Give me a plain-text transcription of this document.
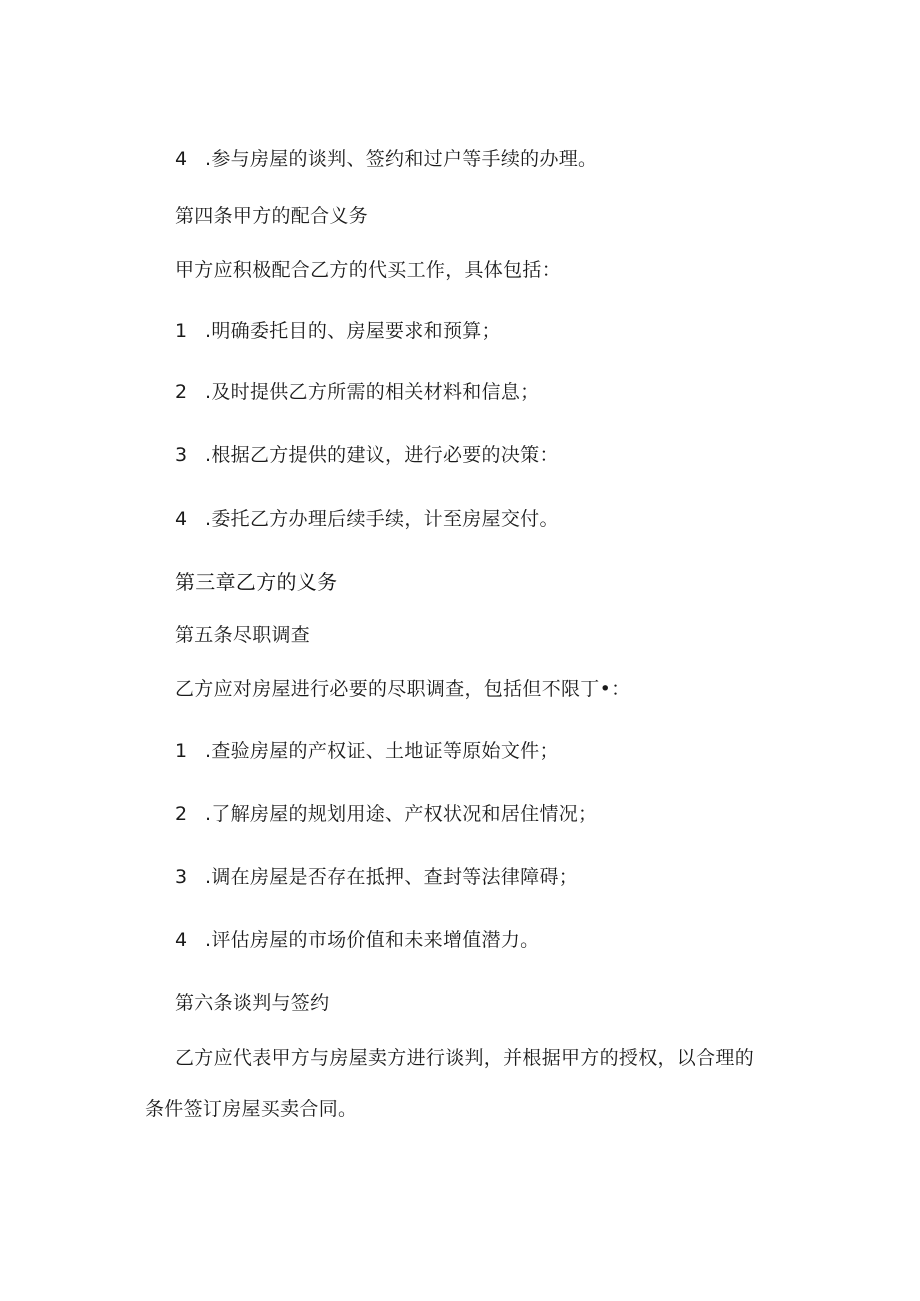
4 .参与房屋的谈判、签约和过户等手续的办理。
第四条甲方的配合义务
甲方应积极配合乙方的代买工作，具体包括：
1 .明确委托目的、房屋要求和预算；
2 .及时提供乙方所需的相关材料和信息；
3 .根据乙方提供的建议，进行必要的决策：
4 .委托乙方办理后续手续，计至房屋交付。
第三章乙方的义务
第五条尽职调查
乙方应对房屋进行必要的尽职调查，包括但不限丁•：
1 .查验房屋的产权证、土地证等原始文件；
2 .了解房屋的规划用途、产权状况和居住情况；
3 .调在房屋是否存在抵押、查封等法律障碍；
4 .评估房屋的市场价值和未来增值潜力。
第六条谈判与签约
乙方应代表甲方与房屋卖方进行谈判，并根据甲方的授权，以合理的
条件签订房屋买卖合同。
